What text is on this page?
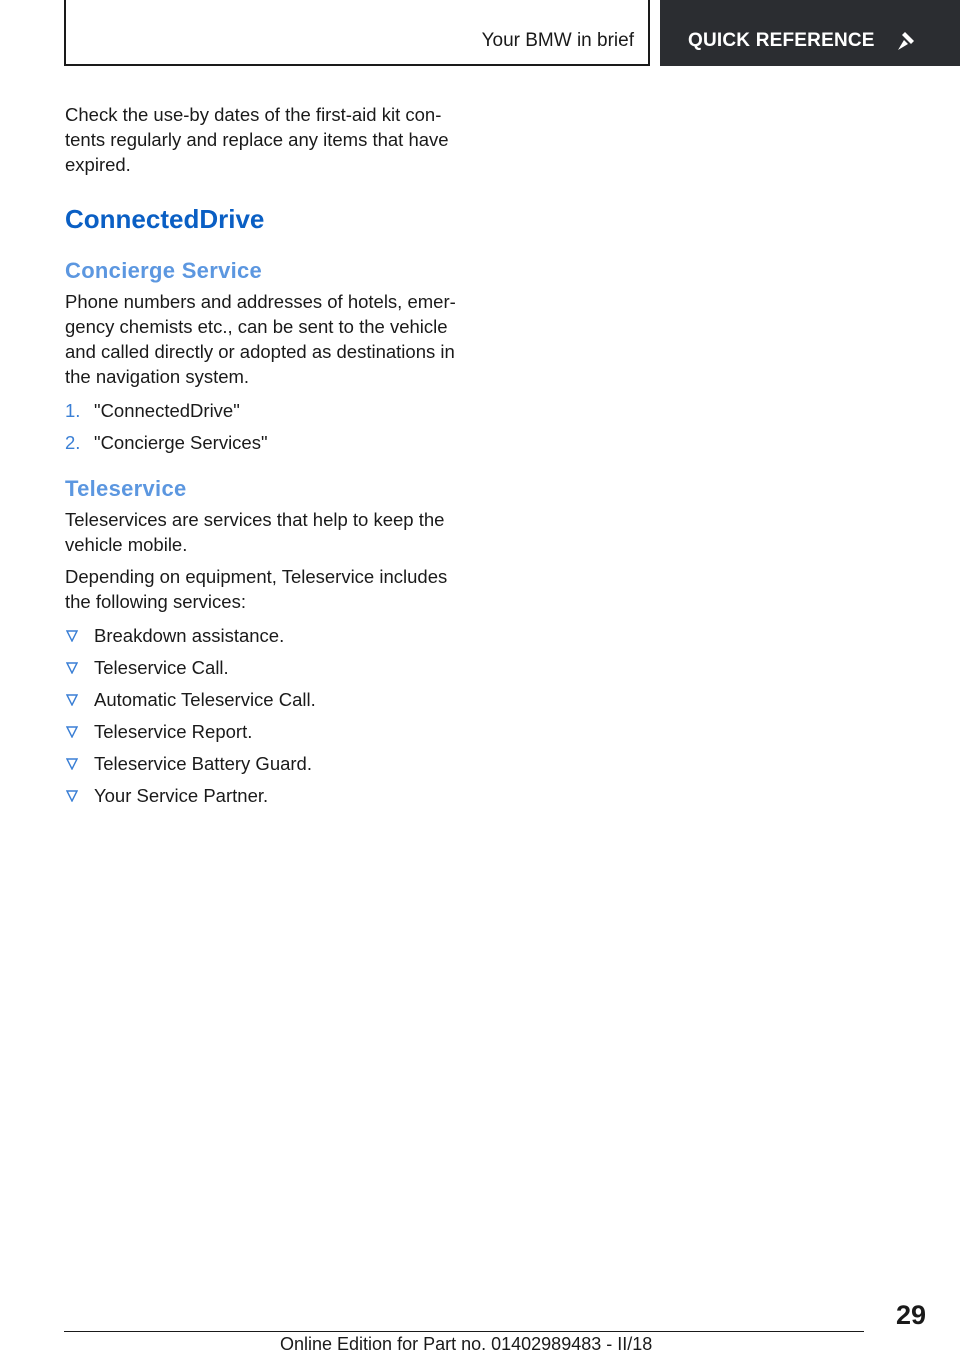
Your BMW in brief	QUICK REFERENCE

Check the use-by dates of the first-aid kit contents regularly and replace any items that have expired.

ConnectedDrive
Concierge Service

Phone numbers and addresses of hotels, emergency chemists etc., can be sent to the vehicle and called directly or adopted as destinations in the navigation system.

1. "ConnectedDrive"
2. "Concierge Services"
Teleservice

Teleservices are services that help to keep the vehicle mobile.

Depending on equipment, Teleservice includes the following services:

Breakdown assistance.
Teleservice Call.
Automatic Teleservice Call.
Teleservice Report.
Teleservice Battery Guard.
Your Service Partner.
29
Online Edition for Part no. 01402989483 - II/18
